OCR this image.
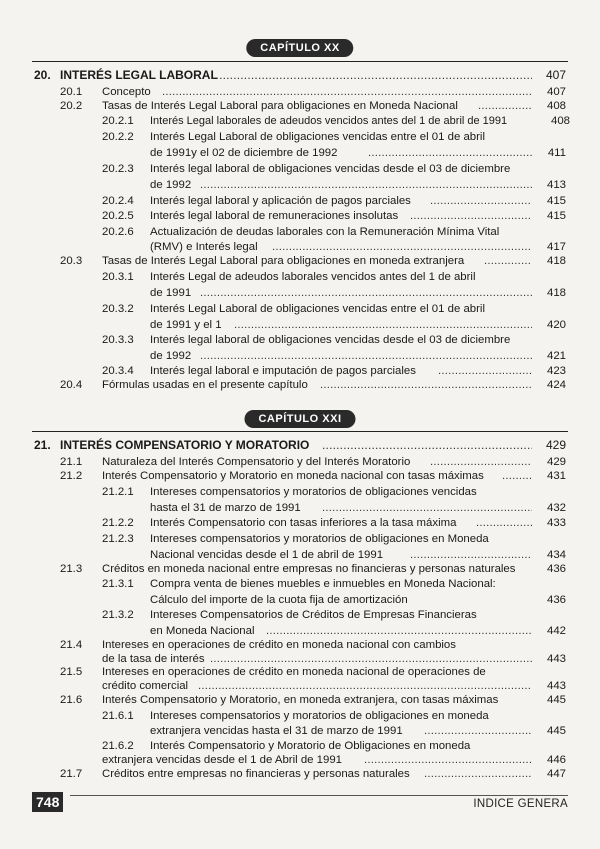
CAPÍTULO XX
20. INTERÉS LEGAL LABORAL .....	407
20.1 Concepto .....	407
20.2 Tasas de Interés Legal Laboral para obligaciones en Moneda Nacional .....	408
20.2.1 Interés Legal laborales de adeudos vencidos antes del 1 de abril de 1991	408
20.2.2 Interés Legal Laboral de obligaciones vencidas entre el 01 de abril
de 1991y el 02 de diciembre de 1992 .....	411
20.2.3 Interés legal laboral de obligaciones vencidas desde el 03 de diciembre
de 1992 .....	413
20.2.4 Interés legal laboral y aplicación de pagos parciales .....	415
20.2.5 Interés legal laboral de remuneraciones insolutas .....	415
20.2.6 Actualización de deudas laborales con la Remuneración Mínima Vital
(RMV) e Interés legal .....	417
20.3 Tasas de Interés Legal Laboral para obligaciones en moneda extranjera .....	418
20.3.1 Interés Legal de adeudos laborales vencidos antes del 1 de abril
de 1991 .....	418
20.3.2 Interés Legal Laboral de obligaciones vencidas entre el 01 de abril
de 1991 y el 1 .....	420
20.3.3 Interés legal laboral de obligaciones vencidas desde el 03 de diciembre
de 1992 .....	421
20.3.4 Interés legal laboral e imputación de pagos parciales .....	423
20.4 Fórmulas usadas en el presente capítulo .....	424
CAPÍTULO XXI
21. INTERÉS COMPENSATORIO Y MORATORIO .....	429
21.1 Naturaleza del Interés Compensatorio y del Interés Moratorio .....	429
21.2 Interés Compensatorio y Moratorio en moneda nacional con tasas máximas .....	431
21.2.1 Intereses compensatorios y moratorios de obligaciones vencidas
hasta el 31 de marzo de 1991 .....	432
21.2.2 Interés Compensatorio con tasas inferiores a la tasa máxima .....	433
21.2.3 Intereses compensatorios y moratorios de obligaciones en Moneda
Nacional vencidas desde el 1 de abril de 1991 .....	434
21.3 Créditos en moneda nacional entre empresas no financieras y personas naturales	436
21.3.1 Compra venta de bienes muebles e inmuebles en Moneda Nacional:
Cálculo del importe de la cuota fija de amortización	436
21.3.2 Intereses Compensatorios de Créditos de Empresas Financieras
en Moneda Nacional .....	442
21.4 Intereses en operaciones de crédito en moneda nacional con cambios
de la tasa de interés .....	443
21.5 Intereses en operaciones de crédito en moneda nacional de operaciones de
crédito comercial .....	443
21.6 Interés Compensatorio y Moratorio, en moneda extranjera, con tasas máximas	445
21.6.1 Intereses compensatorios y moratorios de obligaciones en moneda
extranjera vencidas hasta el 31 de marzo de 1991 .....	445
21.6.2 Interés Compensatorio y Moratorio de Obligaciones en moneda
extranjera vencidas desde el 1 de Abril de 1991 .....	446
21.7 Créditos entre empresas no financieras y personas naturales .....	447
748	INDICE GENERA
